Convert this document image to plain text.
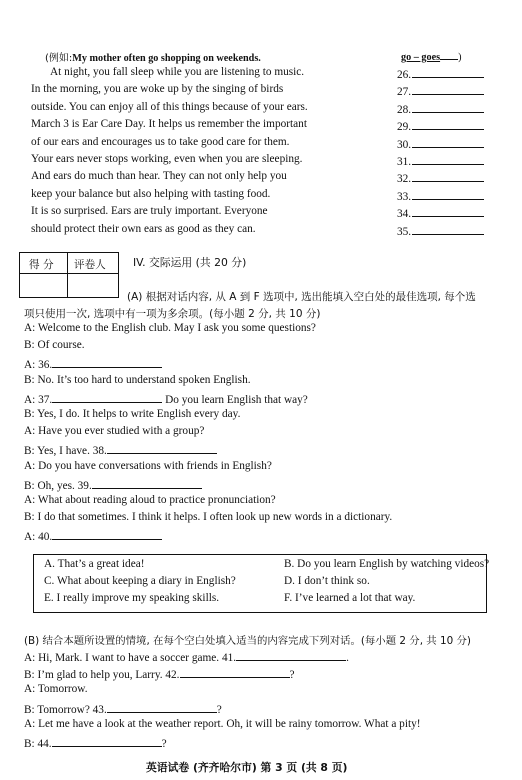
(例如:My mother often go shopping on weekends.	go – goes )
At night, you fall sleep while you are listening to music.	26.
In the morning, you are woke up by the singing of birds	27.
outside. You can enjoy all of this things because of your ears.	28.
March 3 is Ear Care Day. It helps us remember the important	29.
of our ears and encourages us to take good care for them.	30.
Your ears never stops working, even when you are sleeping.	31.
And ears do much than hear. They can not only help you	32.
keep your balance but also helping with tasting food.	33.
It is so surprised. Ears are truly important. Everyone	34.
should protect their own ears as good as they can.	35.
得 分 评卷人	IV. 交际运用 (共 20 分)
(A) 根据对话内容, 从 A 到 F 选项中, 选出能填入空白处的最佳选项, 每个选
项只使用一次, 选项中有一项为多余项。(每小题 2 分, 共 10 分)
A: Welcome to the English club. May I ask you some questions?
B: Of course.
A: 36.
B: No. It’s too hard to understand spoken English.
A: 37.	Do you learn English that way?
B: Yes, I do. It helps to write English every day.
A: Have you ever studied with a group?
B: Yes, I have. 38.
A: Do you have conversations with friends in English?
B: Oh, yes. 39.
A: What about reading aloud to practice pronunciation?
B: I do that sometimes. I think it helps. I often look up new words in a dictionary.
A: 40.
A. That’s a great idea!	B. Do you learn English by watching videos?
C. What about keeping a diary in English?	D. I don’t think so.
E. I really improve my speaking skills.	F. I’ve learned a lot that way.
(B) 结合本题所设置的情境, 在每个空白处填入适当的内容完成下列对话。(每小题 2 分, 共 10 分)
A: Hi, Mark. I want to have a soccer game. 41.	.
B: I’m glad to help you, Larry. 42.	?
A: Tomorrow.
B: Tomorrow? 43.	?
A: Let me have a look at the weather report. Oh, it will be rainy tomorrow. What a pity!
B: 44.	?
英语试卷 (齐齐哈尔市) 第 3 页 (共 8 页)
